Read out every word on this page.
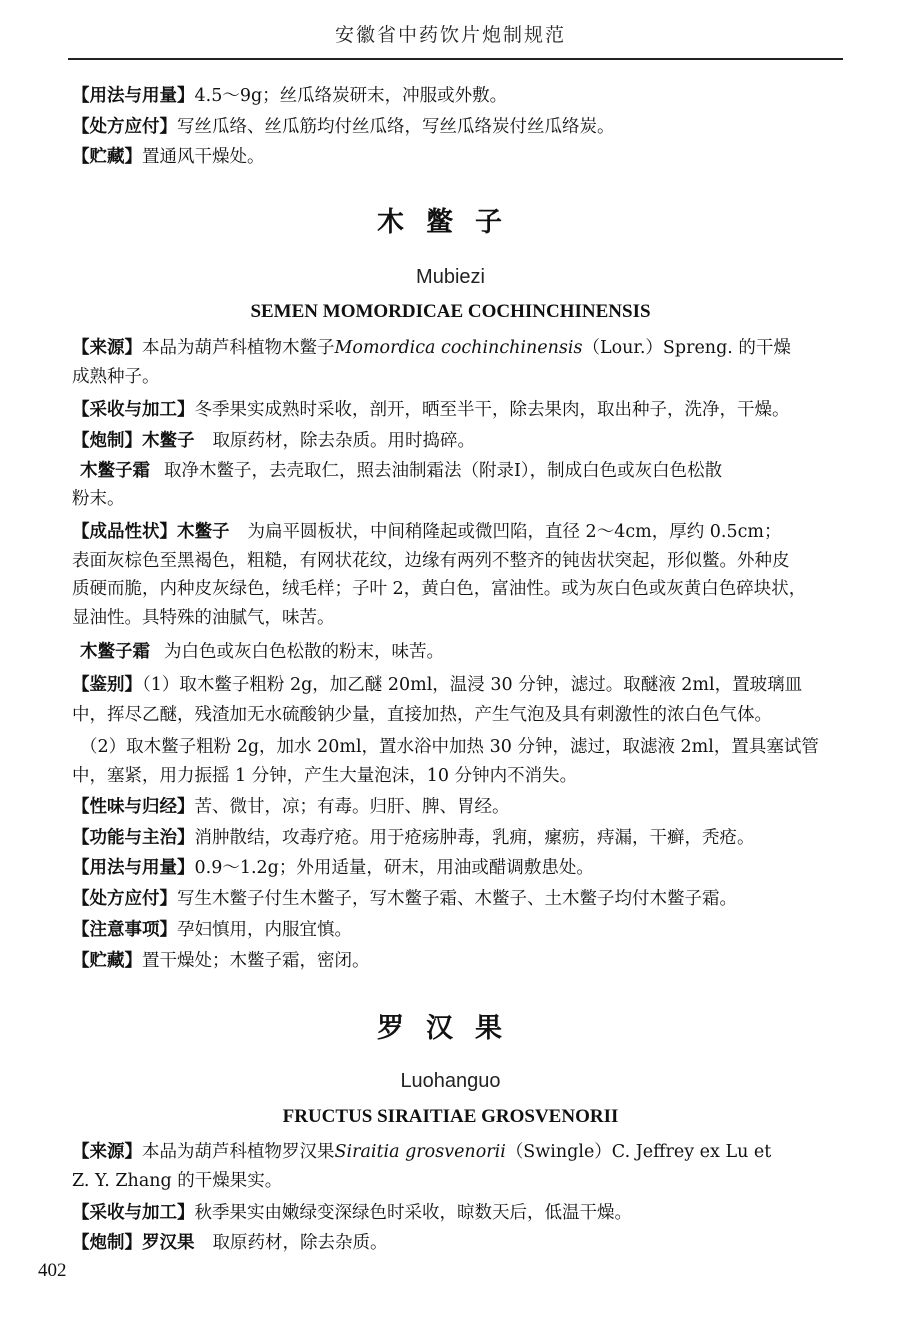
安徽省中药饮片炮制规范
【用法与用量】4.5～9g；丝瓜络炭研末，冲服或外敷。
【处方应付】写丝瓜络、丝瓜筋均付丝瓜络，写丝瓜络炭付丝瓜络炭。
【贮藏】置通风干燥处。
木鳖子
Mubiezi
SEMEN MOMORDICAE COCHINCHINENSIS
【来源】本品为葫芦科植物木鳖子Momordica cochinchinensis（Lour.）Spreng. 的干燥
成熟种子。
【采收与加工】冬季果实成熟时采收，剖开，晒至半干，除去果肉，取出种子，洗净，干燥。
【炮制】木鳖子 取原药材，除去杂质。用时捣碎。
木鳖子霜 取净木鳖子，去壳取仁，照去油制霜法（附录Ⅰ），制成白色或灰白色松散
粉末。
【成品性状】木鳖子 为扁平圆板状，中间稍隆起或微凹陷，直径 2～4cm，厚约 0.5cm；
表面灰棕色至黑褐色，粗糙，有网状花纹，边缘有两列不整齐的钝齿状突起，形似鳖。外种皮
质硬而脆，内种皮灰绿色，绒毛样；子叶 2，黄白色，富油性。或为灰白色或灰黄白色碎块状，
显油性。具特殊的油腻气，味苦。
木鳖子霜 为白色或灰白色松散的粉末，味苦。
【鉴别】（1）取木鳖子粗粉 2g，加乙醚 20ml，温浸 30 分钟，滤过。取醚液 2ml，置玻璃皿
中，挥尽乙醚，残渣加无水硫酸钠少量，直接加热，产生气泡及具有刺激性的浓白色气体。
（2）取木鳖子粗粉 2g，加水 20ml，置水浴中加热 30 分钟，滤过，取滤液 2ml，置具塞试管
中，塞紧，用力振摇 1 分钟，产生大量泡沫，10 分钟内不消失。
【性味与归经】苦、微甘，凉；有毒。归肝、脾、胃经。
【功能与主治】消肿散结，攻毒疗疮。用于疮疡肿毒，乳痈，瘰疬，痔漏，干癣，秃疮。
【用法与用量】0.9～1.2g；外用适量，研末，用油或醋调敷患处。
【处方应付】写生木鳖子付生木鳖子，写木鳖子霜、木鳖子、土木鳖子均付木鳖子霜。
【注意事项】孕妇慎用，内服宜慎。
【贮藏】置干燥处；木鳖子霜，密闭。
罗汉果
Luohanguo
FRUCTUS SIRAITIAE GROSVENORII
【来源】本品为葫芦科植物罗汉果Siraitia grosvenorii（Swingle）C. Jeffrey ex Lu et
Z. Y. Zhang 的干燥果实。
【采收与加工】秋季果实由嫩绿变深绿色时采收，晾数天后，低温干燥。
【炮制】罗汉果 取原药材，除去杂质。
402
